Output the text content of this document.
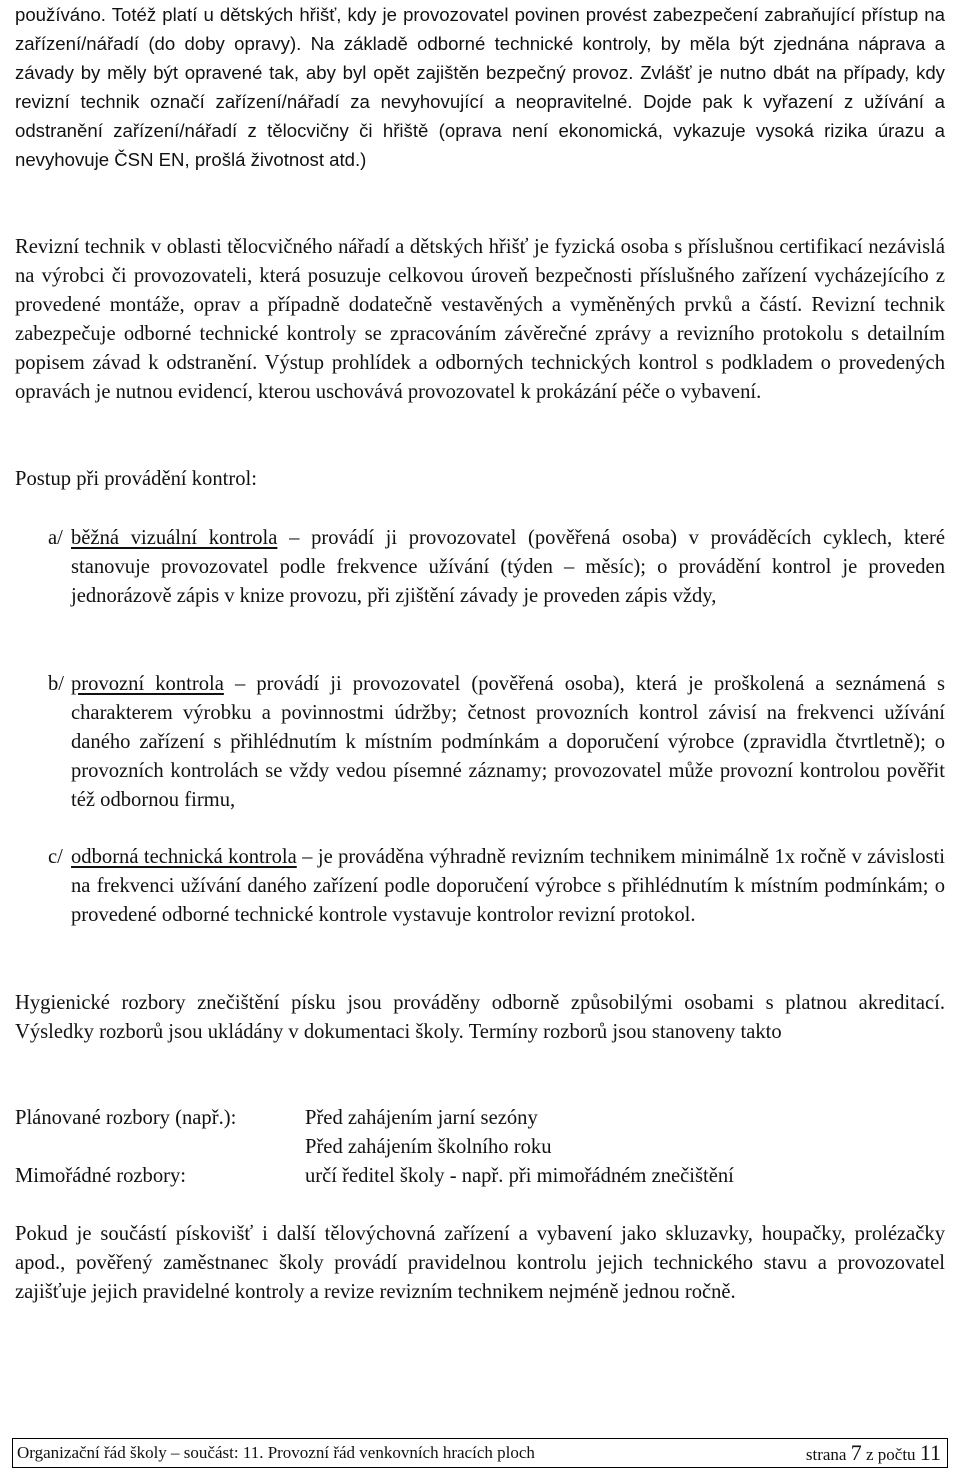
používáno. Totéž platí u dětských hřišť, kdy je provozovatel povinen provést zabezpečení zabraňující přístup na zařízení/nářadí (do doby opravy). Na základě odborné technické kontroly, by měla být zjednána náprava a závady by měly být opravené tak, aby byl opět zajištěn bezpečný provoz. Zvlášť je nutno dbát na případy, kdy revizní technik označí zařízení/nářadí za nevyhovující a neopravitelné. Dojde pak k vyřazení z užívání a odstranění zařízení/nářadí z tělocvičny či hřiště (oprava není ekonomická, vykazuje vysoká rizika úrazu a nevyhovuje ČSN EN, prošlá životnost atd.)
Revizní technik v oblasti tělocvičného nářadí a dětských hřišť je fyzická osoba s příslušnou certifikací nezávislá na výrobci či provozovateli, která posuzuje celkovou úroveň bezpečnosti příslušného zařízení vycházejícího z provedené montáže, oprav a případně dodatečně vestavěných a vyměněných prvků a částí. Revizní technik zabezpečuje odborné technické kontroly se zpracováním závěrečné zprávy a revizního protokolu s detailním popisem závad k odstranění. Výstup prohlídek a odborných technických kontrol s podkladem o provedených opravách je nutnou evidencí, kterou uschovává provozovatel k prokázání péče o vybavení.
Postup při provádění kontrol:
a/ běžná vizuální kontrola – provádí ji provozovatel (pověřená osoba) v prováděcích cyklech, které stanovuje provozovatel podle frekvence užívání (týden – měsíc); o provádění kontrol je proveden jednorázově zápis v knize provozu, při zjištění závady je proveden zápis vždy,
b/ provozní kontrola – provádí ji provozovatel (pověřená osoba), která je proškolená a seznámená s charakterem výrobku a povinnostmi údržby; četnost provozních kontrol závisí na frekvenci užívání daného zařízení s přihlédnutím k místním podmínkám a doporučení výrobce (zpravidla čtvrtletně); o provozních kontrolách se vždy vedou písemné záznamy; provozovatel může provozní kontrolou pověřit též odbornou firmu,
c/ odborná technická kontrola – je prováděna výhradně revizním technikem minimálně 1x ročně v závislosti na frekvenci užívání daného zařízení podle doporučení výrobce s přihlédnutím k místním podmínkám; o provedené odborné technické kontrole vystavuje kontrolor revizní protokol.
Hygienické rozbory znečištění písku jsou prováděny odborně způsobilými osobami s platnou akreditací. Výsledky rozborů jsou ukládány v dokumentaci školy. Termíny rozborů jsou stanoveny takto
Plánované rozbory (např.):	Před zahájením jarní sezóny
Před zahájením školního roku
Mimořádné rozbory:	určí ředitel školy - např. při mimořádném znečištění
Pokud je součástí pískovišť i další tělovýchovná zařízení a vybavení jako skluzavky, houpačky, prolézačky apod., pověřený zaměstnanec školy provádí pravidelnou kontrolu jejich technického stavu a provozovatel zajišťuje jejich pravidelné kontroly a revize revizním technikem nejméně jednou ročně.
Organizační řád školy – součást: 11. Provozní řád venkovních hracích ploch	strana 7 z počtu 11
